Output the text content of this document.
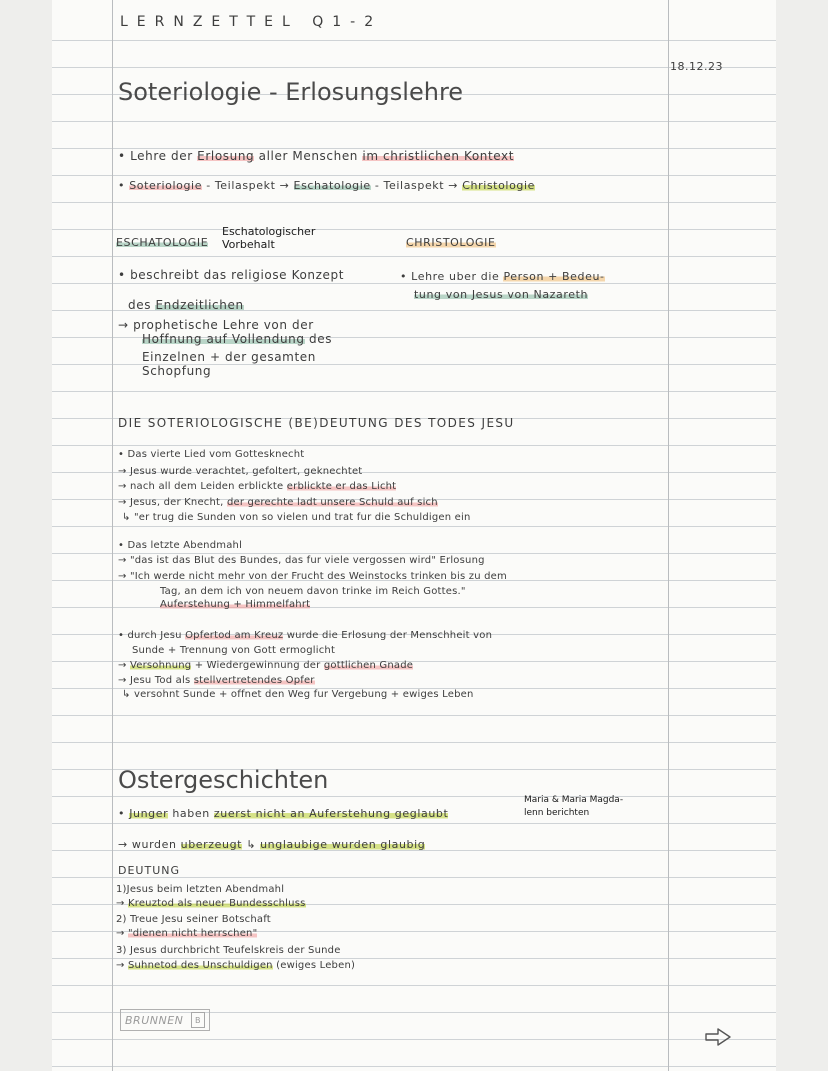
LERNZETTEL Q1-2
18.12.23
Soteriologie - Erlosungslehre
• Lehre der Erlosung aller Menschen im christlichen Kontext
• Soteriologie - Teilaspekt → Eschatologie - Teilaspekt → Christologie
ESCHATOLOGIE
Eschatologischer
Vorbehalt
• beschreibt das religiose Konzept
des Endzeitlichen
→ prophetische Lehre von der
Hoffnung auf Vollendung des
Einzelnen + der gesamten
Schopfung
CHRISTOLOGIE
• Lehre uber die Person + Bedeu-
tung von Jesus von Nazareth
DIE SOTERIOLOGISCHE (BE)DEUTUNG DES TODES JESU
• Das vierte Lied vom Gottesknecht
→ Jesus wurde verachtet, gefoltert, geknechtet
→ nach all dem Leiden erblickte erblickte er das Licht
→ Jesus, der Knecht, der gerechte ladt unsere Schuld auf sich
↳ "er trug die Sunden von so vielen und trat fur die Schuldigen ein
• Das letzte Abendmahl
→ "das ist das Blut des Bundes, das fur viele vergossen wird" Erlosung
→ "Ich werde nicht mehr von der Frucht des Weinstocks trinken bis zu dem
Tag, an dem ich von neuem davon trinke im Reich Gottes."
Auferstehung + Himmelfahrt
• durch Jesu Opfertod am Kreuz wurde die Erlosung der Menschheit von
Sunde + Trennung von Gott ermoglicht
→ Versohnung + Wiedergewinnung der gottlichen Gnade
→ Jesu Tod als stellvertretendes Opfer
↳ versohnt Sunde + offnet den Weg fur Vergebung + ewiges Leben
Ostergeschichten
• Junger haben zuerst nicht an Auferstehung geglaubt
Maria & Maria Magda-
lenn berichten
→ wurden uberzeugt ↳ unglaubige wurden glaubig
DEUTUNG
1)Jesus beim letzten Abendmahl
→ Kreuztod als neuer Bundesschluss
2) Treue Jesu seiner Botschaft
→ "dienen nicht herrschen"
3) Jesus durchbricht Teufelskreis der Sunde
→ Suhnetod des Unschuldigen (ewiges Leben)
BRUNNEN	B
